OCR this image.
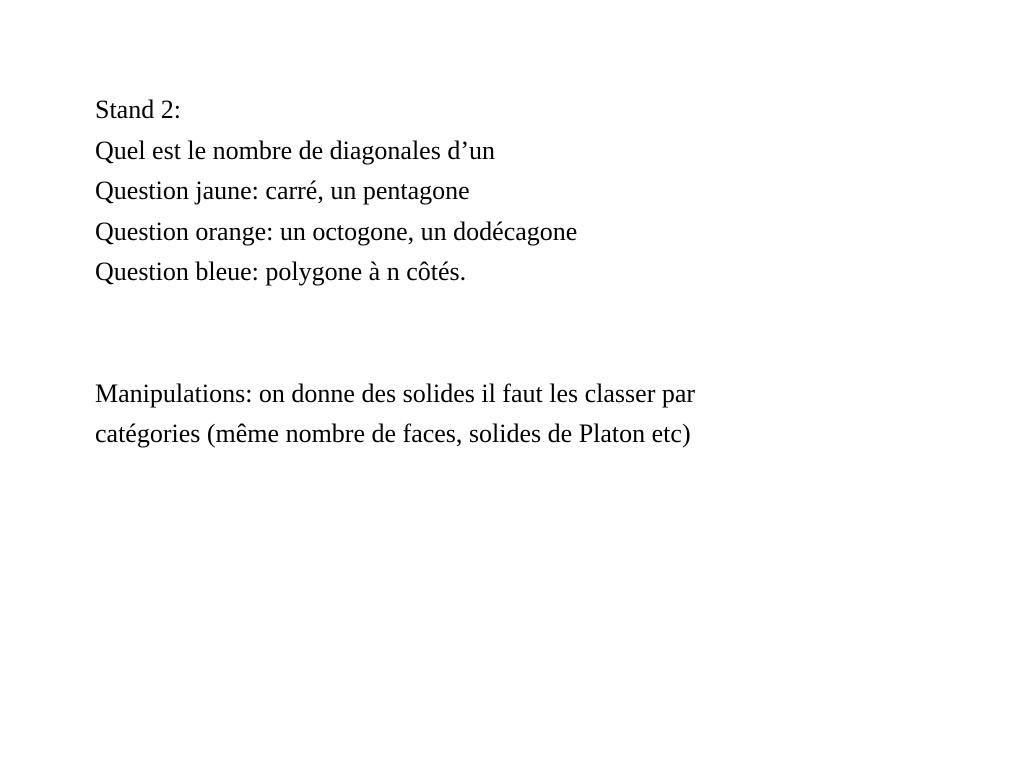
Stand 2:
Quel est le nombre de diagonales d’un
Question jaune: carré, un pentagone
Question orange: un octogone, un dodécagone
Question bleue: polygone à n côtés.
Manipulations: on donne des solides il faut les classer par
catégories (même nombre de faces, solides de Platon etc)
